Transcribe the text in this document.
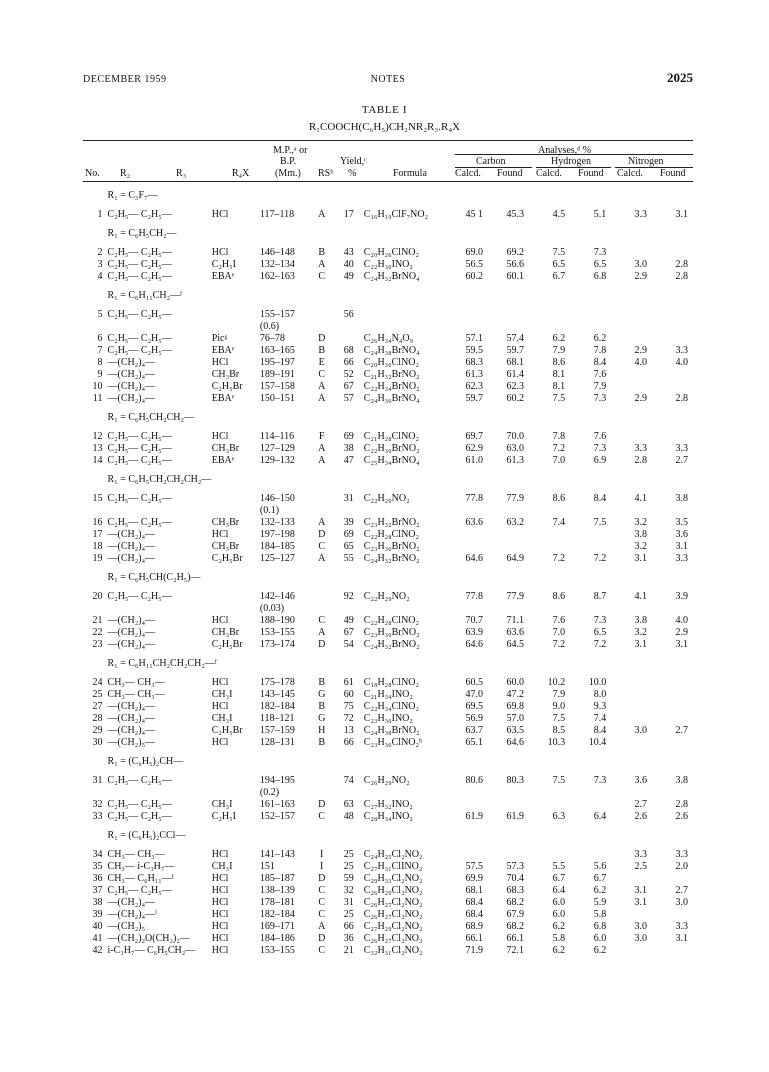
DECEMBER 1959	NOTES	2025
TABLE I
R₁COOCH(C₆H₅)CH₂NR₂R₃.R₄X
M.P.,ᵃ or
B.P.	Yield,ᶜ
Analyses,ᵈ %
Carbon	Hydrogen	Nitrogen
No. R₂	R₃	R₄X	(Mm.) RSᵇ %	Formula	Calcd. Found Calcd. Found Calcd. Found
	R₁ = C₃F₇—											
1	C₂H₅— C₂H₅—	HCl	117–118	A	17	C₁₆H₁₉ClF₇NO₂	45 1	45.3	4.5	5.1	3.3	3.1
	R₁ = C₆H₅CH₂—											
2	C₂H₅— C₂H₅—	HCl	146–148	B	43	C₂₀H₂₆ClNO₂	69.0	69.2	7.5	7.3		
3	C₂H₅— C₂H₅—	C₂H₅I	132–134	A	40	C₂₂H₃₀INO₂	56.5	56.6	6.5	6.5	3.0	2.8
4	C₂H₅— C₂H₅—	EBAᵉ	162–163	C	49	C₂₄H₃₂BrNO₄	60.2	60.1	6.7	6.8	2.9	2.8
	R₁ = C₆H₁₁CH₂—ᶠ											
5	C₂H₅— C₂H₅—		155–157		56							
			(0.6)									
6	C₂H₅— C₂H₅—	Picᵍ	76–78	D		C₂₆H₃₄N₄O₉	57.1	57.4	6.2	6.2		
7	C₂H₅— C₂H₅—	EBAᵉ	163–165	B	68	C₂₄H₃₈BrNO₄	59.5	59.7	7.9	7.8	2.9	3.3
8	—(CH₂)₄—	HCl	195–197	E	66	C₂₀H₃₀ClNO₂	68.3	68.1	8.6	8.4	4.0	4.0
9	—(CH₂)₄—	CH₃Br	189–191	C	52	C₂₁H₃₂BrNO₂	61.3	61.4	8.1	7.6		
10	—(CH₂)₄—	C₂H₅Br	157–158	A	67	C₂₂H₃₄BrNO₂	62.3	62.3	8.1	7.9		
11	—(CH₂)₄—	EBAᵉ	150–151	A	57	C₂₄H₃₆BrNO₄	59.7	60.2	7.5	7.3	2.9	2.8
	R₁ = C₆H₅CH₂CH₂—											
12	C₂H₅— C₂H₅—	HCl	114–116	F	69	C₂₁H₂₈ClNO₂	69.7	70.0	7.8	7.6		
13	C₂H₅— C₂H₅—	CH₃Br	127–129	A	38	C₂₂H₃₀BrNO₂	62.9	63.0	7.2	7.3	3.3	3.3
14	C₂H₅— C₂H₅—	EBAᵉ	129–132	A	47	C₂₅H₃₄BrNO₄	61.0	61.3	7.0	6.9	2.8	2.7
	R₁ = C₆H₅CH₂CH₂CH₂—											
15	C₂H₅— C₂H₅—		146–150		31	C₂₂H₂₉NO₂	77.8	77.9	8.6	8.4	4.1	3.8
			(0.1)									
16	C₂H₅— C₂H₅—	CH₃Br	132–133	A	39	C₂₃H₃₂BrNO₂	63.6	63.2	7.4	7.5	3.2	3.5
17	—(CH₂)₄—	HCl	197–198	D	69	C₂₂H₂₈ClNO₂					3.8	3.6
18	—(CH₂)₄—	CH₃Br	184–185	C	65	C₂₃H₃₀BrNO₂					3.2	3.1
19	—(CH₂)₄—	C₂H₅Br	125–127	A	55	C₂₄H₃₂BrNO₂	64.6	64.9	7.2	7.2	3.1	3.3
	R₁ = C₆H₅CH(C₂H₅)—											
20	C₂H₅— C₂H₅—		142–146		92	C₂₂H₂₉NO₂	77.8	77.9	8.6	8.7	4.1	3.9
			(0.03)									
21	—(CH₂)₄—	HCl	188–190	C	49	C₂₂H₂₈ClNO₂	70.7	71.1	7.6	7.3	3.8	4.0
22	—(CH₂)₄—	CH₃Br	153–155	A	67	C₂₃H₃₀BrNO₂	63.9	63.6	7.0	6.5	3.2	2.9
23	—(CH₂)₄—	C₂H₅Br	173–174	D	54	C₂₄H₃₂BrNO₂	64.6	64.5	7.2	7.2	3.1	3.1
	R₁ = C₆H₁₁CH₂CH₂CH₂—ᶠ											
24	CH₃— CH₃—	HCl	175–178	B	61	C₁₈H₂₈ClNO₂	60.5	60.0	10.2	10.0		
25	CH₃— CH₃—	CH₃I	143–145	G	60	C₂₁H₃₄INO₂	47.0	47.2	7.9	8.0		
27	—(CH₂)₄—	HCl	182–184	B	75	C₂₂H₃₄ClNO₂	69.5	69.8	9.0	9.3		
28	—(CH₂)₄—	CH₃I	118–121	G	72	C₂₃H₃₆INO₂	56.9	57.0	7.5	7.4		
29	—(CH₂)₄—	C₂H₅Br	157–159	H	13	C₂₄H₃₈BrNO₂	63.7	63.5	8.5	8.4	3.0	2.7
30	—(CH₂)₅—	HCl	128–131	B	66	C₂₃H₃₆ClNO₂ʰ	65.1	64.6	10.3	10.4		
	R₁ = (C₆H₅)₂CH—											
31	C₂H₅— C₂H₅—		194–195		74	C₂₆H₂₉NO₂	80.6	80.3	7.5	7.3	3.6	3.8
			(0.2)									
32	C₂H₅— C₂H₅—	CH₃I	161–163	D	63	C₂₇H₃₂INO₂					2.7	2.8
33	C₂H₅— C₂H₅—	C₂H₅I	152–157	C	48	C₂₈H₃₄INO₂	61.9	61.9	6.3	6.4	2.6	2.6
	R₁ = (C₆H₅)₂CCl—											
34	CH₃— CH₃—	HCl	141–143	I	25	C₂₄H₂₅Cl₂NO₂					3.3	3.3
35	CH₃— i-C₃H₇—	CH₃I	151	I	25	C₂₇H₃₁ClINO₂	57.5	57.3	5.5	5.6	2.5	2.0
36	CH₃— C₆H₁₁—ᶠ	HCl	185–187	D	59	C₂₉H₃₃Cl₂NO₂	69.9	70.4	6.7	6.7		
37	C₂H₅— C₂H₅—	HCl	138–139	C	32	C₂₆H₂₉Cl₂NO₂	68.1	68.3	6.4	6.2	3.1	2.7
38	—(CH₂)₄—	HCl	178–181	C	31	C₂₆H₂₇Cl₂NO₂	68.4	68.2	6.0	5.9	3.1	3.0
39	—(CH₂)₄—ⁱ	HCl	182–184	C	25	C₂₆H₂₇Cl₂NO₂	68.4	67.9	6.0	5.8		
40	—(CH₂)₅	HCl	169–171	A	66	C₂₇H₂₉Cl₂NO₂	68.9	68.2	6.2	6.8	3.0	3.3
41	—(CH₂)₂O(CH₂)₂—	HCl	184–186	D	36	C₂₆H₂₇Cl₂NO₃	66.1	66.1	5.8	6.0	3.0	3.1
42	i-C₃H₇— C₆H₅CH₂—	HCl	153–155	C	21	C₃₂H₃₁Cl₂NO₂	71.9	72.1	6.2	6.2		
